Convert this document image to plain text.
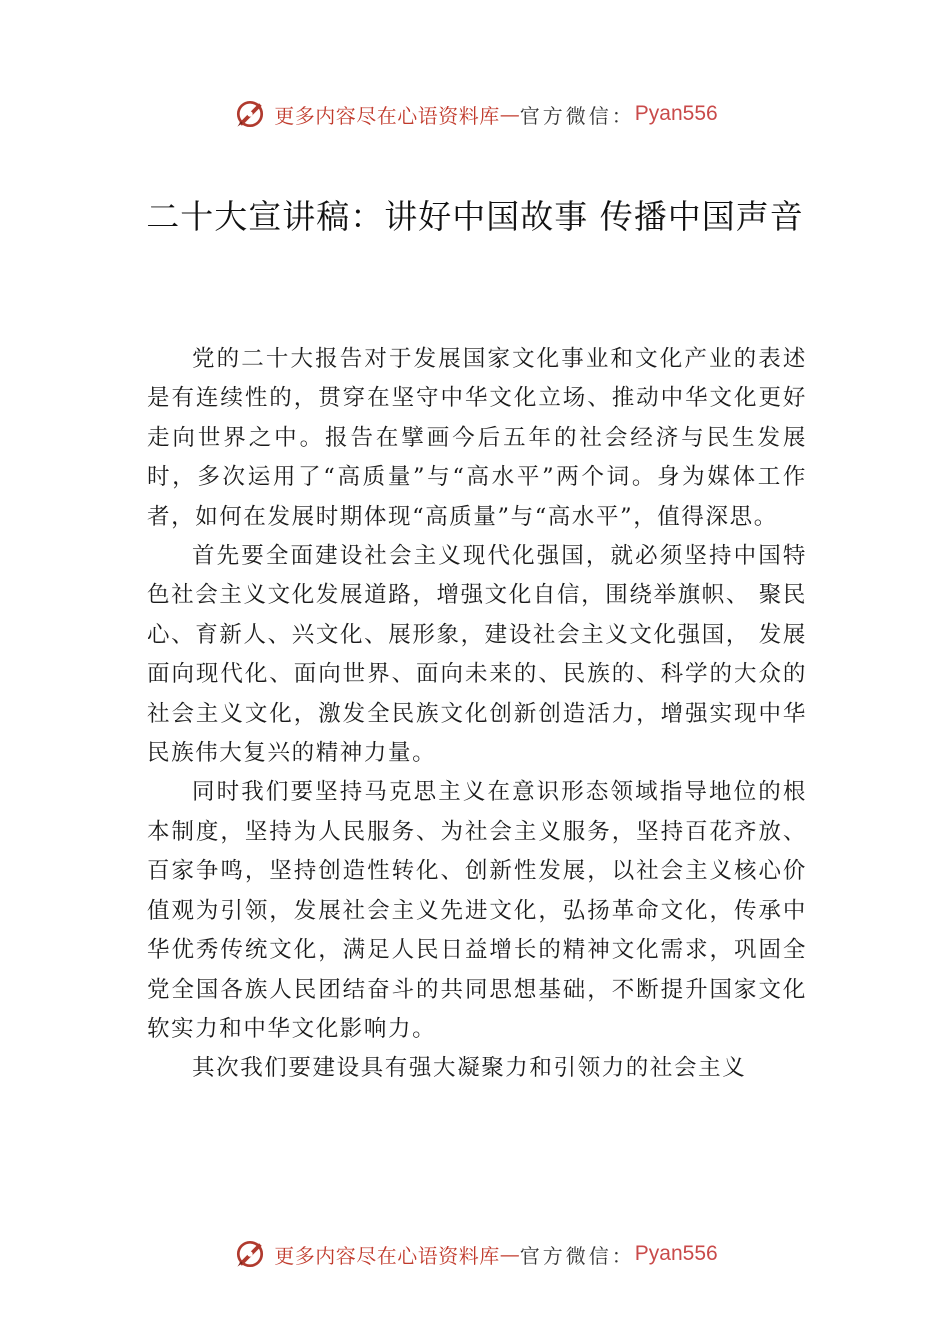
更多内容尽在心语资料库 — 官方微信： Pyan556
二十大宣讲稿：讲好中国故事 传播中国声音

党的二十大报告对于发展国家文化事业和文化产业的表述是有连续性的，贯穿在坚守中华文化立场、推动中华文化更好走向世界之中。报告在擘画今后五年的社会经济与民生发展时，多次运用了“高质量”与“高水平”两个词。身为媒体工作者，如何在发展时期体现“高质量”与“高水平”，值得深思。

首先要全面建设社会主义现代化强国，就必须坚持中国特色社会主义文化发展道路，增强文化自信，围绕举旗帜、 聚民心、育新人、兴文化、展形象，建设社会主义文化强国， 发展面向现代化、面向世界、面向未来的、民族的、科学的大众的社会主义文化，激发全民族文化创新创造活力，增强实现中华民族伟大复兴的精神力量。

同时我们要坚持马克思主义在意识形态领域指导地位的根本制度，坚持为人民服务、为社会主义服务，坚持百花齐放、百家争鸣，坚持创造性转化、创新性发展，以社会主义核心价值观为引领，发展社会主义先进文化，弘扬革命文化，传承中华优秀传统文化，满足人民日益增长的精神文化需求，巩固全党全国各族人民团结奋斗的共同思想基础，不断提升国家文化软实力和中华文化影响力。

其次我们要建设具有强大凝聚力和引领力的社会主义

更多内容尽在心语资料库 — 官方微信： Pyan556
